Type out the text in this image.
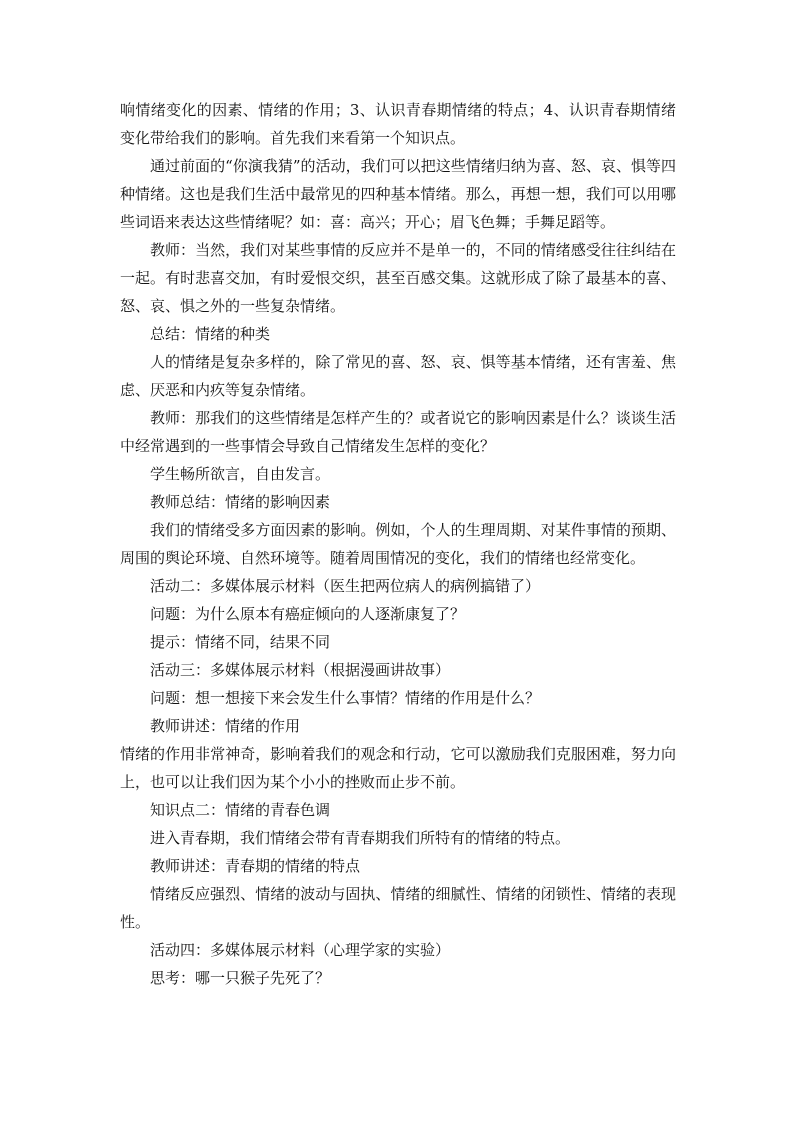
响情绪变化的因素、情绪的作用；3、认识青春期情绪的特点；4、认识青春期情绪变化带给我们的影响。首先我们来看第一个知识点。

通过前面的“你演我猜”的活动，我们可以把这些情绪归纳为喜、怒、哀、惧等四种情绪。这也是我们生活中最常见的四种基本情绪。那么，再想一想，我们可以用哪些词语来表达这些情绪呢？如：喜：高兴；开心；眉飞色舞；手舞足蹈等。

教师：当然，我们对某些事情的反应并不是单一的，不同的情绪感受往往纠结在一起。有时悲喜交加，有时爱恨交织，甚至百感交集。这就形成了除了最基本的喜、怒、哀、惧之外的一些复杂情绪。

总结：情绪的种类

人的情绪是复杂多样的，除了常见的喜、怒、哀、惧等基本情绪，还有害羞、焦虑、厌恶和内疚等复杂情绪。

教师：那我们的这些情绪是怎样产生的？或者说它的影响因素是什么？谈谈生活中经常遇到的一些事情会导致自己情绪发生怎样的变化？

学生畅所欲言，自由发言。

教师总结：情绪的影响因素

我们的情绪受多方面因素的影响。例如，个人的生理周期、对某件事情的预期、周围的舆论环境、自然环境等。随着周围情况的变化，我们的情绪也经常变化。

活动二：多媒体展示材料（医生把两位病人的病例搞错了）

问题：为什么原本有癌症倾向的人逐渐康复了？

提示：情绪不同，结果不同

活动三：多媒体展示材料（根据漫画讲故事）

问题：想一想接下来会发生什么事情？情绪的作用是什么？

教师讲述：情绪的作用

情绪的作用非常神奇，影响着我们的观念和行动，它可以激励我们克服困难，努力向上，也可以让我们因为某个小小的挫败而止步不前。

知识点二：情绪的青春色调

进入青春期，我们情绪会带有青春期我们所特有的情绪的特点。

教师讲述：青春期的情绪的特点

情绪反应强烈、情绪的波动与固执、情绪的细腻性、情绪的闭锁性、情绪的表现性。

活动四：多媒体展示材料（心理学家的实验）

思考：哪一只猴子先死了？
